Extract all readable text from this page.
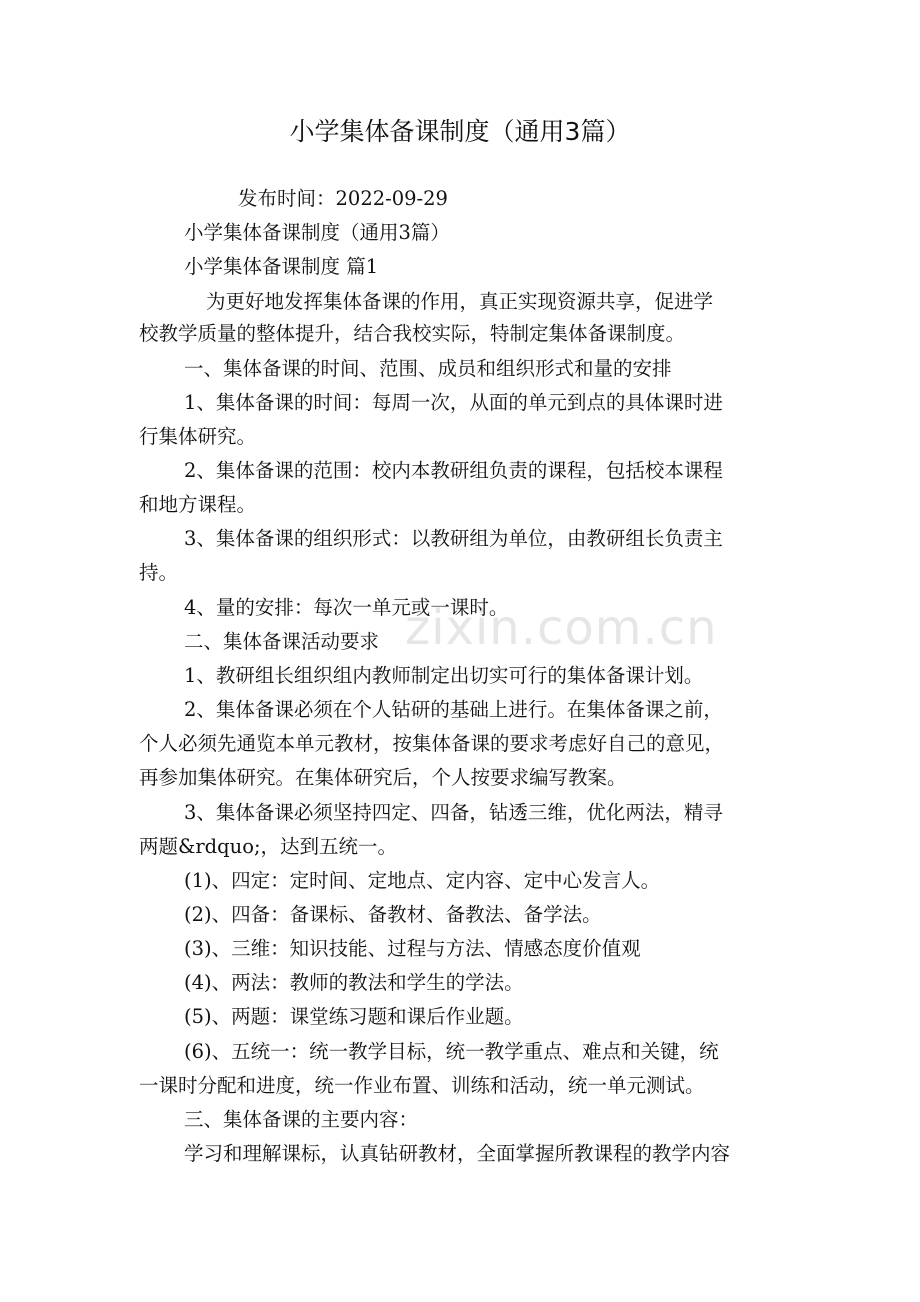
zixin.com.cn
小学集体备课制度（通用3篇）
发布时间：2022-09-29
小学集体备课制度（通用3篇）
小学集体备课制度 篇1
为更好地发挥集体备课的作用，真正实现资源共享，促进学
校教学质量的整体提升，结合我校实际，特制定集体备课制度。
一、集体备课的时间、范围、成员和组织形式和量的安排
1、集体备课的时间：每周一次，从面的单元到点的具体课时进
行集体研究。
2、集体备课的范围：校内本教研组负责的课程，包括校本课程
和地方课程。
3、集体备课的组织形式：以教研组为单位，由教研组长负责主
持。
4、量的安排：每次一单元或一课时。
二、集体备课活动要求
1、教研组长组织组内教师制定出切实可行的集体备课计划。
2、集体备课必须在个人钻研的基础上进行。在集体备课之前，
个人必须先通览本单元教材，按集体备课的要求考虑好自己的意见，
再参加集体研究。在集体研究后，个人按要求编写教案。
3、集体备课必须坚持四定、四备，钻透三维，优化两法，精寻
两题&rdquo;，达到五统一。
(1)、四定：定时间、定地点、定内容、定中心发言人。
(2)、四备：备课标、备教材、备教法、备学法。
(3)、三维：知识技能、过程与方法、情感态度价值观
(4)、两法：教师的教法和学生的学法。
(5)、两题：课堂练习题和课后作业题。
(6)、五统一：统一教学目标，统一教学重点、难点和关键，统
一课时分配和进度，统一作业布置、训练和活动，统一单元测试。
三、集体备课的主要内容：
学习和理解课标，认真钻研教材，全面掌握所教课程的教学内容
